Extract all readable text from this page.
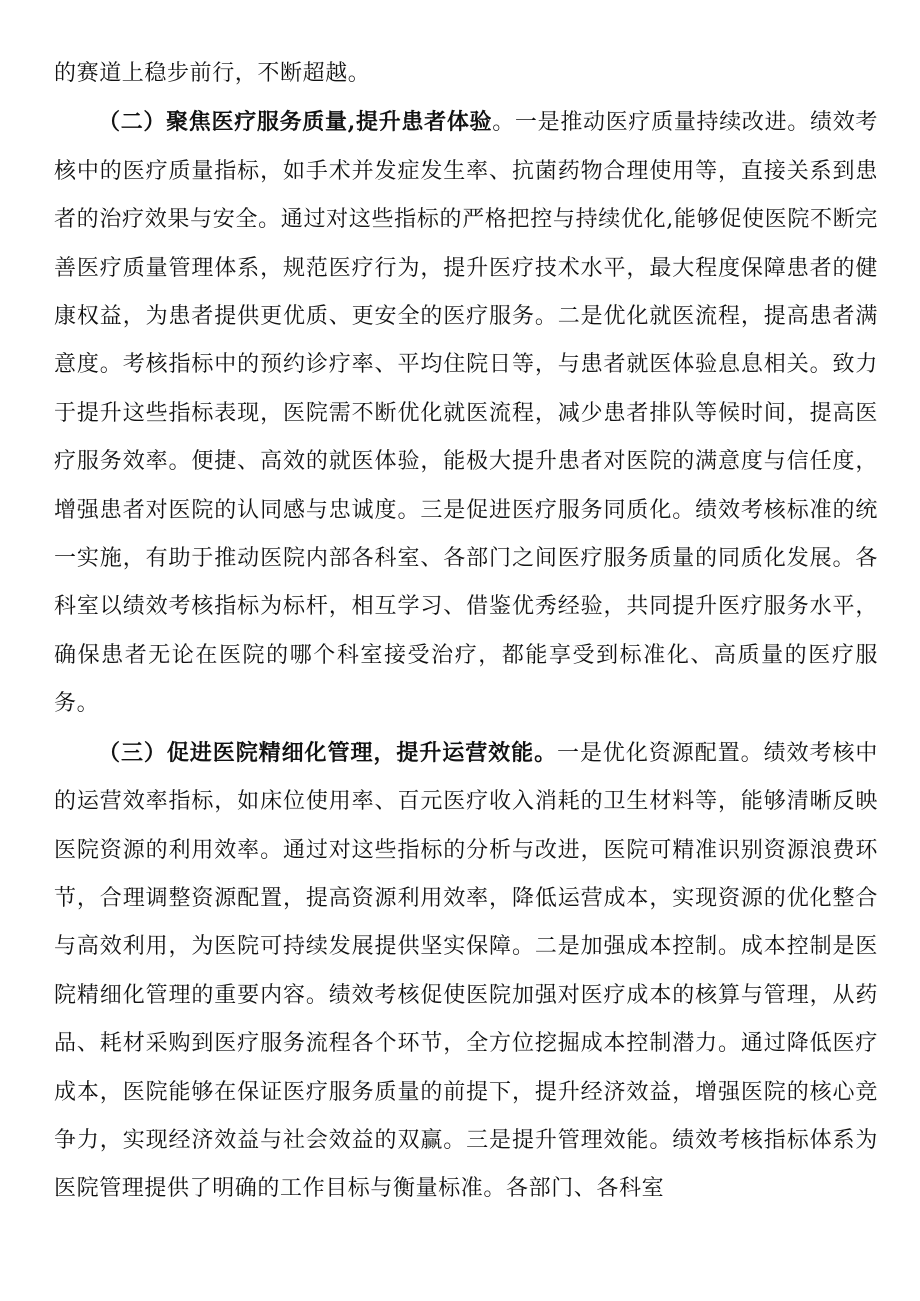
的赛道上稳步前行，不断超越。

（二）聚焦医疗服务质量,提升患者体验。一是推动医疗质量持续改进。绩效考核中的医疗质量指标，如手术并发症发生率、抗菌药物合理使用等，直接关系到患者的治疗效果与安全。通过对这些指标的严格把控与持续优化,能够促使医院不断完善医疗质量管理体系，规范医疗行为，提升医疗技术水平，最大程度保障患者的健康权益，为患者提供更优质、更安全的医疗服务。二是优化就医流程，提高患者满意度。考核指标中的预约诊疗率、平均住院日等，与患者就医体验息息相关。致力于提升这些指标表现，医院需不断优化就医流程，减少患者排队等候时间，提高医疗服务效率。便捷、高效的就医体验，能极大提升患者对医院的满意度与信任度，增强患者对医院的认同感与忠诚度。三是促进医疗服务同质化。绩效考核标准的统一实施，有助于推动医院内部各科室、各部门之间医疗服务质量的同质化发展。各科室以绩效考核指标为标杆，相互学习、借鉴优秀经验，共同提升医疗服务水平，确保患者无论在医院的哪个科室接受治疗，都能享受到标准化、高质量的医疗服务。

（三）促进医院精细化管理，提升运营效能。一是优化资源配置。绩效考核中的运营效率指标，如床位使用率、百元医疗收入消耗的卫生材料等，能够清晰反映医院资源的利用效率。通过对这些指标的分析与改进，医院可精准识别资源浪费环节，合理调整资源配置，提高资源利用效率，降低运营成本，实现资源的优化整合与高效利用，为医院可持续发展提供坚实保障。二是加强成本控制。成本控制是医院精细化管理的重要内容。绩效考核促使医院加强对医疗成本的核算与管理，从药品、耗材采购到医疗服务流程各个环节，全方位挖掘成本控制潜力。通过降低医疗成本，医院能够在保证医疗服务质量的前提下，提升经济效益，增强医院的核心竞争力，实现经济效益与社会效益的双赢。三是提升管理效能。绩效考核指标体系为医院管理提供了明确的工作目标与衡量标准。各部门、各科室
